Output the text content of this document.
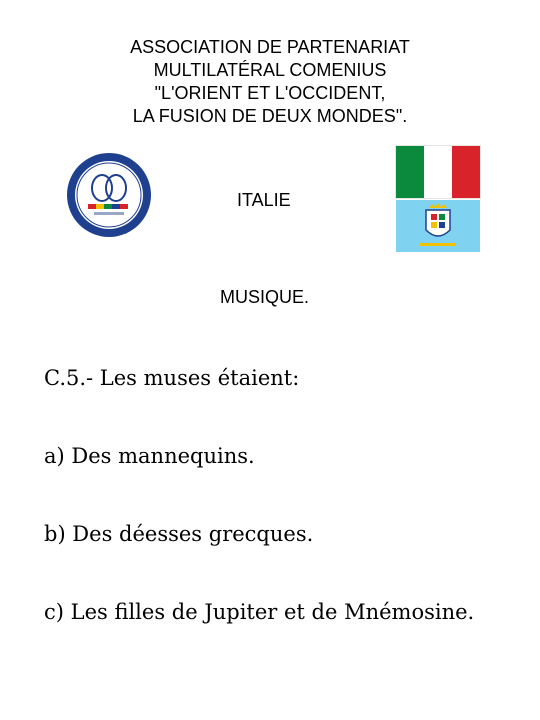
ASSOCIATION DE PARTENARIAT
MULTILATÉRAL COMENIUS
"L'ORIENT ET L'OCCIDENT,
LA FUSION DE DEUX MONDES".
ITALIE
MUSIQUE.
C.5.- Les muses étaient:
a) Des mannequins.
b) Des déesses grecques.
c) Les filles de Jupiter et de Mnémosine.
